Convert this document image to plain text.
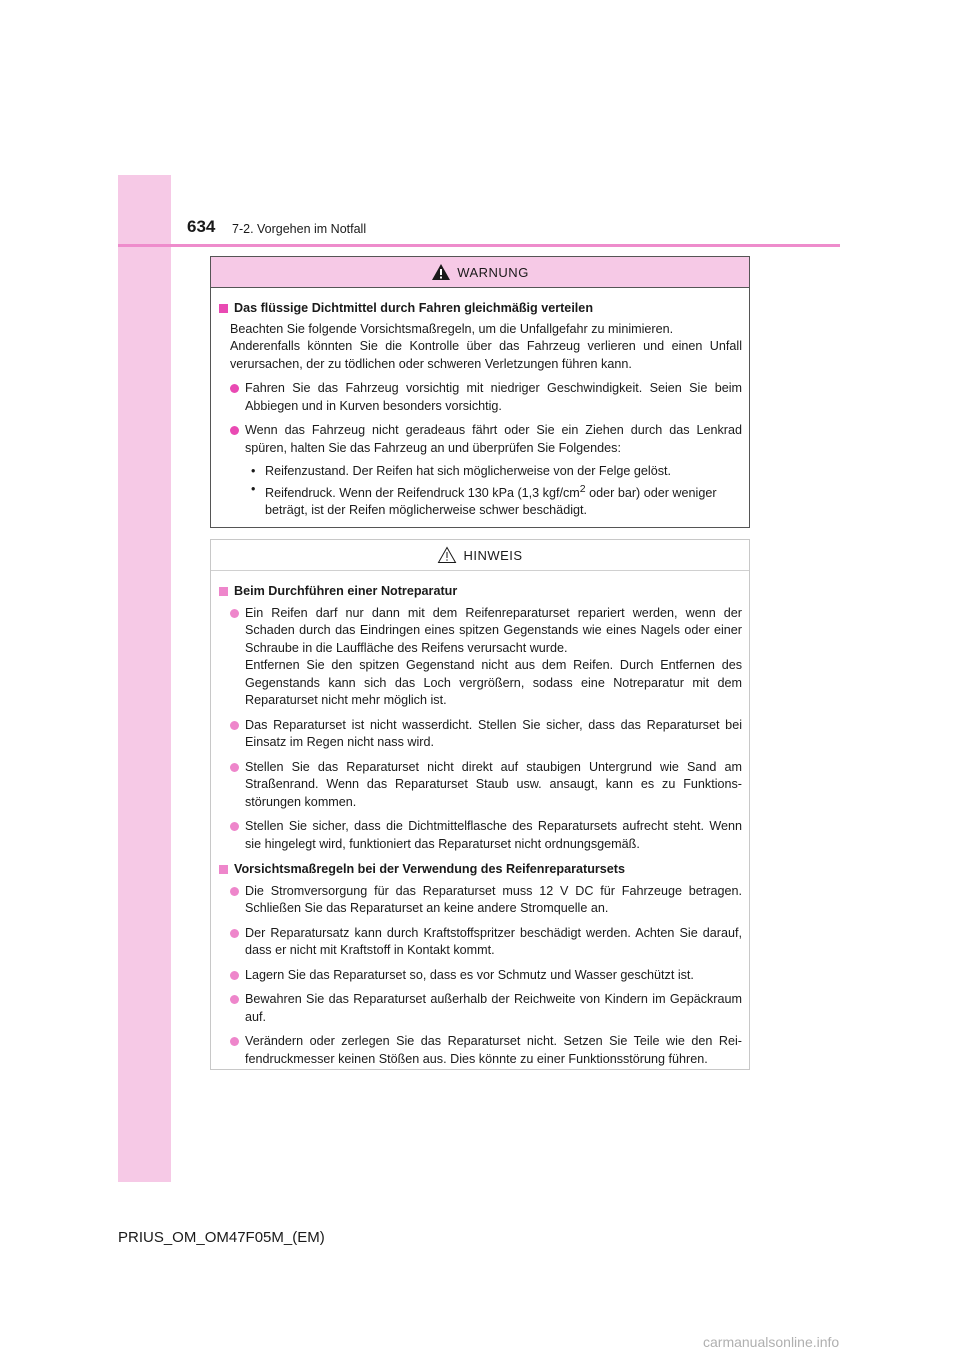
634 7-2. Vorgehen im Notfall
WARNUNG
Das flüssige Dichtmittel durch Fahren gleichmäßig verteilen
Beachten Sie folgende Vorsichtsmaßregeln, um die Unfallgefahr zu minimieren.
Anderenfalls könnten Sie die Kontrolle über das Fahrzeug verlieren und einen Unfall verursachen, der zu tödlichen oder schweren Verletzungen führen kann.
Fahren Sie das Fahrzeug vorsichtig mit niedriger Geschwindigkeit. Seien Sie beim Abbiegen und in Kurven besonders vorsichtig.
Wenn das Fahrzeug nicht geradeaus fährt oder Sie ein Ziehen durch das Lenkrad spüren, halten Sie das Fahrzeug an und überprüfen Sie Folgendes:
• Reifenzustand. Der Reifen hat sich möglicherweise von der Felge gelöst.
• Reifendruck. Wenn der Reifendruck 130 kPa (1,3 kgf/$cm^2$ oder bar) oder weniger beträgt, ist der Reifen möglicherweise schwer beschädigt.
HINWEIS
Beim Durchführen einer Notreparatur
Ein Reifen darf nur dann mit dem Reifenreparaturset repariert werden, wenn der Schaden durch das Eindringen eines spitzen Gegenstands wie eines Nagels oder einer Schraube in die Lauffläche des Reifens verursacht wurde.
Entfernen Sie den spitzen Gegenstand nicht aus dem Reifen. Durch Entfernen des Gegenstands kann sich das Loch vergrößern, sodass eine Notreparatur mit dem Reparaturset nicht mehr möglich ist.
Das Reparaturset ist nicht wasserdicht. Stellen Sie sicher, dass das Reparaturset bei Einsatz im Regen nicht nass wird.
Stellen Sie das Reparaturset nicht direkt auf staubigen Untergrund wie Sand am Straßenrand. Wenn das Reparaturset Staub usw. ansaugt, kann es zu Funktions-störungen kommen.
Stellen Sie sicher, dass die Dichtmittelflasche des Reparatursets aufrecht steht. Wenn sie hingelegt wird, funktioniert das Reparaturset nicht ordnungsgemäß.
Vorsichtsmaßregeln bei der Verwendung des Reifenreparatursets
Die Stromversorgung für das Reparaturset muss 12 V DC für Fahrzeuge betragen. Schließen Sie das Reparaturset an keine andere Stromquelle an.
Der Reparatursatz kann durch Kraftstoffspritzer beschädigt werden. Achten Sie darauf, dass er nicht mit Kraftstoff in Kontakt kommt.
Lagern Sie das Reparaturset so, dass es vor Schmutz und Wasser geschützt ist.
Bewahren Sie das Reparaturset außerhalb der Reichweite von Kindern im Gepäckraum auf.
Verändern oder zerlegen Sie das Reparaturset nicht. Setzen Sie Teile wie den Rei-fendruckmesser keinen Stößen aus. Dies könnte zu einer Funktionsstörung führen.
PRIUS_OM_OM47F05M_(EM)
carmanualsonline.info
